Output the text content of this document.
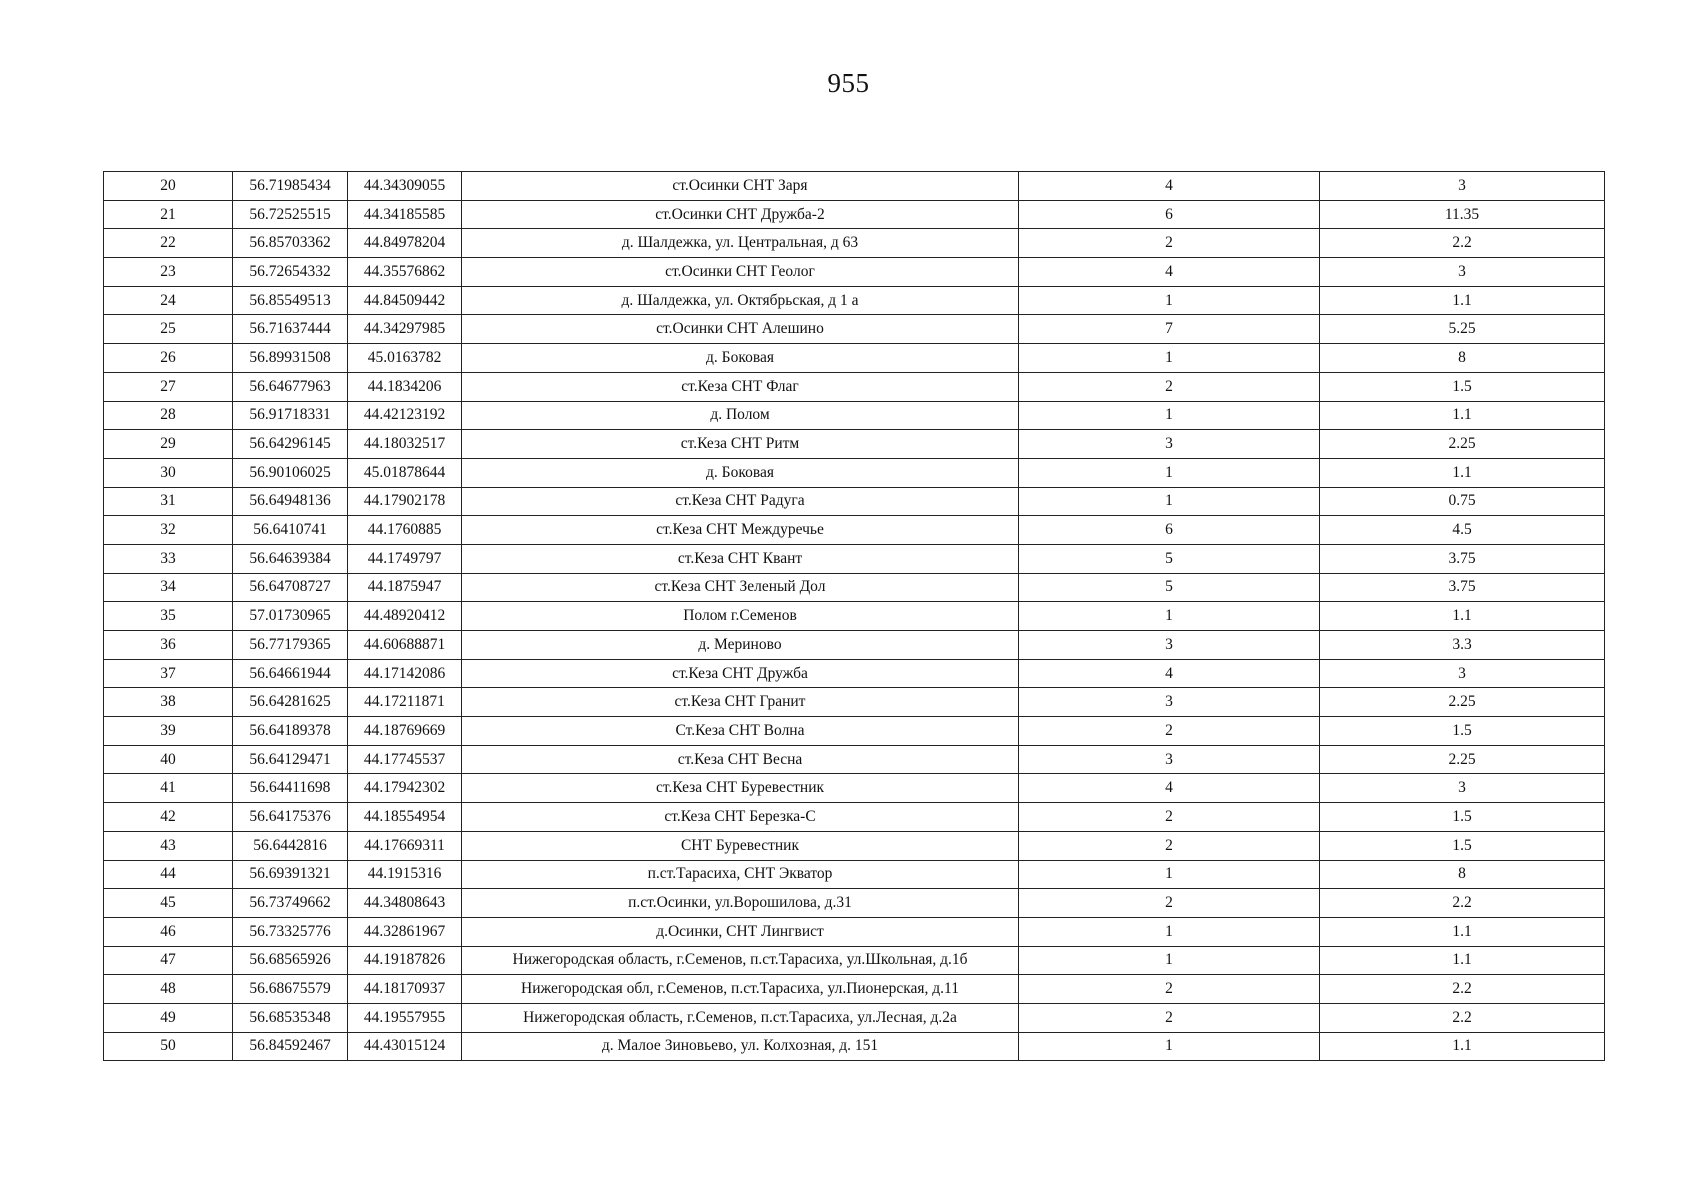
955
20	56.71985434	44.34309055	ст.Осинки СНТ Заря	4	3
21	56.72525515	44.34185585	ст.Осинки СНТ Дружба-2	6	11.35
22	56.85703362	44.84978204	д. Шалдежка, ул. Центральная, д 63	2	2.2
23	56.72654332	44.35576862	ст.Осинки СНТ Геолог	4	3
24	56.85549513	44.84509442	д. Шалдежка, ул. Октябрьская, д 1 а	1	1.1
25	56.71637444	44.34297985	ст.Осинки СНТ Алешино	7	5.25
26	56.89931508	45.0163782	д. Боковая	1	8
27	56.64677963	44.1834206	ст.Кеза СНТ Флаг	2	1.5
28	56.91718331	44.42123192	д. Полом	1	1.1
29	56.64296145	44.18032517	ст.Кеза СНТ Ритм	3	2.25
30	56.90106025	45.01878644	д. Боковая	1	1.1
31	56.64948136	44.17902178	ст.Кеза СНТ Радуга	1	0.75
32	56.6410741	44.1760885	ст.Кеза СНТ Междуречье	6	4.5
33	56.64639384	44.1749797	ст.Кеза СНТ Квант	5	3.75
34	56.64708727	44.1875947	ст.Кеза СНТ Зеленый Дол	5	3.75
35	57.01730965	44.48920412	Полом г.Семенов	1	1.1
36	56.77179365	44.60688871	д. Мериново	3	3.3
37	56.64661944	44.17142086	ст.Кеза СНТ Дружба	4	3
38	56.64281625	44.17211871	ст.Кеза СНТ Гранит	3	2.25
39	56.64189378	44.18769669	Ст.Кеза СНТ Волна	2	1.5
40	56.64129471	44.17745537	ст.Кеза СНТ Весна	3	2.25
41	56.64411698	44.17942302	ст.Кеза СНТ Буревестник	4	3
42	56.64175376	44.18554954	ст.Кеза СНТ Березка-С	2	1.5
43	56.6442816	44.17669311	СНТ Буревестник	2	1.5
44	56.69391321	44.1915316	п.ст.Тарасиха, СНТ Экватор	1	8
45	56.73749662	44.34808643	п.ст.Осинки, ул.Ворошилова, д.31	2	2.2
46	56.73325776	44.32861967	д.Осинки, СНТ Лингвист	1	1.1
47	56.68565926	44.19187826	Нижегородская область, г.Семенов, п.ст.Тарасиха, ул.Школьная, д.1б	1	1.1
48	56.68675579	44.18170937	Нижегородская обл, г.Семенов, п.ст.Тарасиха, ул.Пионерская, д.11	2	2.2
49	56.68535348	44.19557955	Нижегородская область, г.Семенов, п.ст.Тарасиха, ул.Лесная, д.2а	2	2.2
50	56.84592467	44.43015124	д. Малое Зиновьево, ул. Колхозная, д. 151	1	1.1
